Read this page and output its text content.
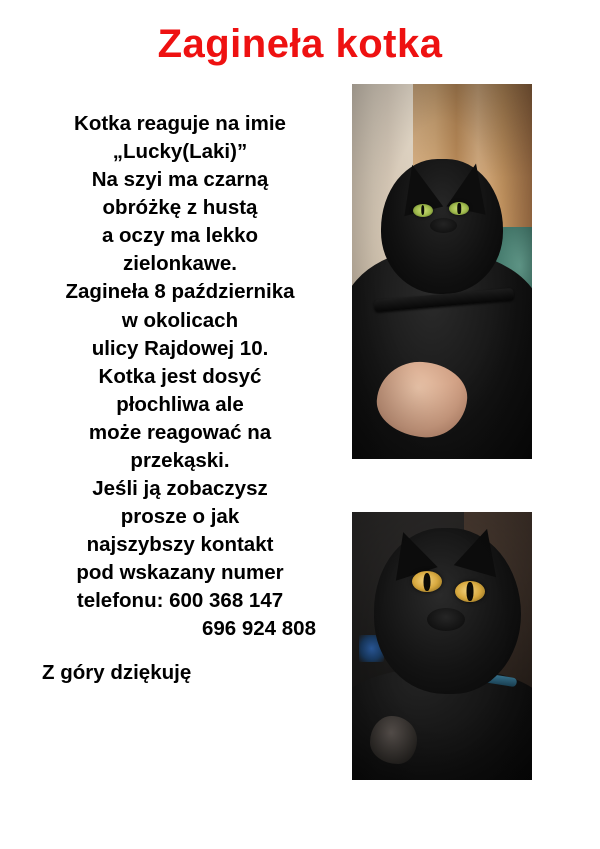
Zagineła kotka
Kotka reaguje na imie
„Lucky(Laki)”
Na szyi ma czarną
obróżkę z hustą
a oczy ma lekko
zielonkawe.
Zagineła 8 października
w okolicach
ulicy Rajdowej 10.
Kotka jest dosyć
płochliwa ale
może reagować na
przekąski.
Jeśli ją zobaczysz
prosze o jak
najszybszy kontakt
pod wskazany numer
telefonu: 600 368 147
696 924 808
Z góry dziękuję
